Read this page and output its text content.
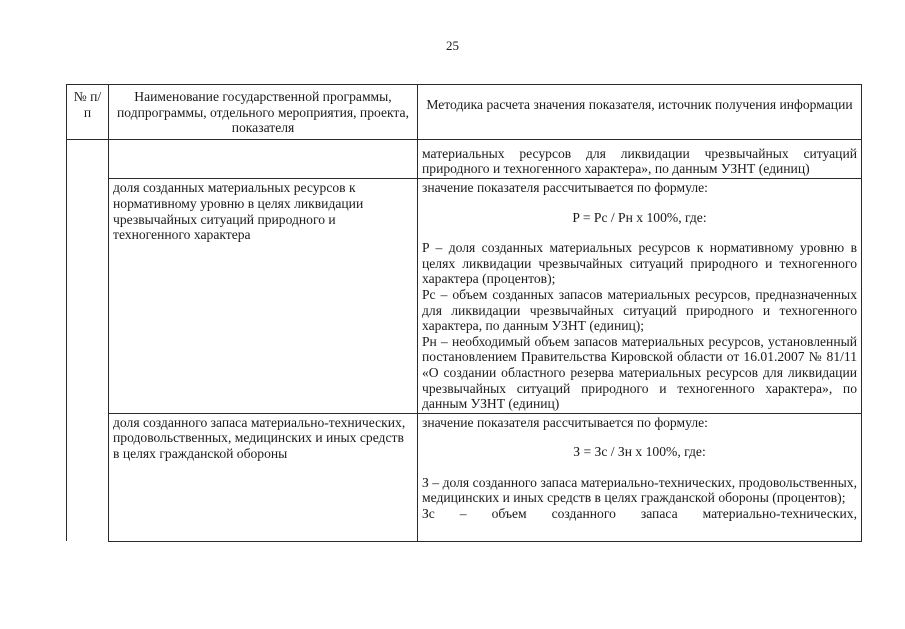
25
№ п/п	Наименование государственной программы, подпрограммы, отдельного мероприятия, проекта, показателя	Методика расчета значения показателя, источник получения информации

		материальных ресурсов для ликвидации чрезвычайных ситуаций
природного и техногенного характера», по данным УЗНТ (единиц)

	доля созданных материальных ресурсов к нормативному уровню в целях ликвидации чрезвычайных ситуаций природного и техногенного характера	значение показателя рассчитывается по формуле:
P = Pc / Pн x 100%, где:
P – доля созданных материальных ресурсов к нормативному уровню в целях ликвидации чрезвычайных ситуаций природного и техногенного характера (процентов);
Pc – объем созданных запасов материальных ресурсов, предназначенных для ликвидации чрезвычайных ситуаций природного и техногенного характера, по данным УЗНТ (единиц);
Pн – необходимый объем запасов материальных ресурсов, установленный постановлением Правительства Кировской области от 16.01.2007 № 81/11 «О создании областного резерва материальных ресурсов для ликвидации чрезвычайных ситуаций природного и техногенного характера», по данным УЗНТ (единиц)

	доля созданного запаса материально-технических, продовольственных, медицинских и иных средств в целях гражданской обороны	значение показателя рассчитывается по формуле:
З = Зс / Зн x 100%, где:
З – доля созданного запаса материально-технических, продовольственных, медицинских и иных средств в целях гражданской обороны (процентов);
Зс – объем созданного запаса материально-технических,
